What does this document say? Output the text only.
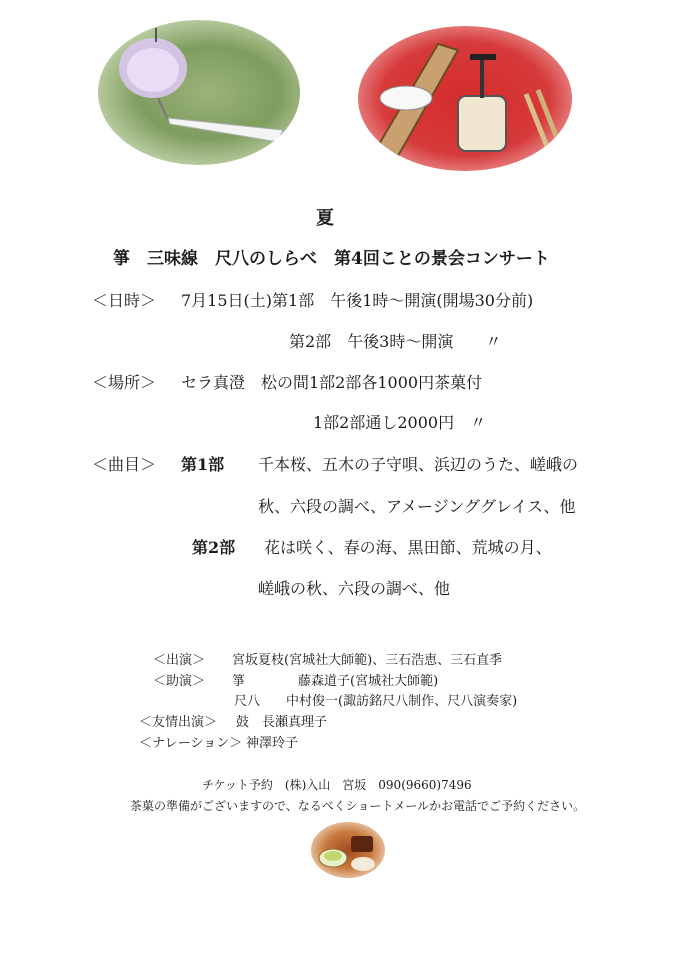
夏
箏　三味線　尺八のしらべ　第4回ことの景会コンサート
＜日時＞ 7月15日(土)第1部　午後1時～開演(開場30分前)
第2部　午後3時～開演　　〃
＜場所＞ セラ真澄　松の間1部2部各1000円茶菓付
1部2部通し2000円　〃
＜曲目＞ 第1部 千本桜、五木の子守唄、浜辺のうた、嵯峨の
秋、六段の調べ、アメージンググレイス、他
第2部 花は咲く、春の海、黒田節、荒城の月、
嵯峨の秋、六段の調べ、他
＜出演＞ 宮坂夏枝(宮城社大師範)、三石浩恵、三石直季
＜助演＞ 箏	藤森道子(宮城社大師範)
尺八 中村俊一(諏訪銘尺八制作、尺八演奏家)
＜友情出演＞ 鼓　長瀬真理子
＜ナレーション＞ 神澤玲子
チケット予約　(株)入山　宮坂　090(9660)7496
茶菓の準備がございますので、なるべくショートメールかお電話でご予約ください。
